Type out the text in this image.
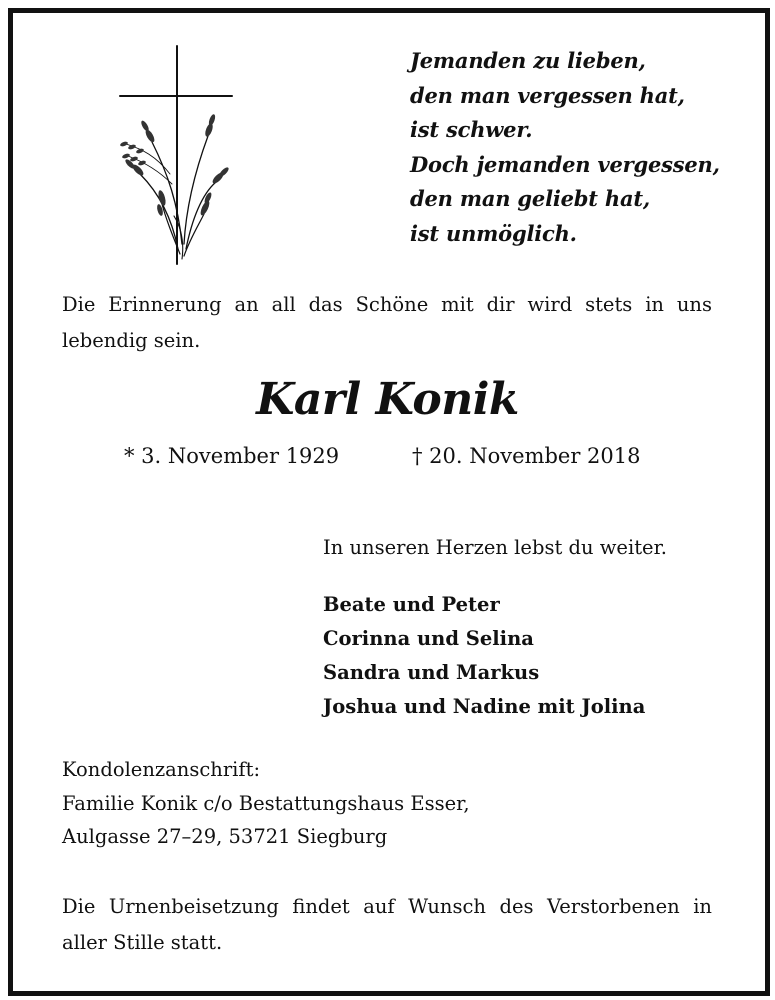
Jemanden zu lieben,
den man vergessen hat,
ist schwer.
Doch jemanden vergessen,
den man geliebt hat,
ist unmöglich.
Die Erinnerung an all das Schöne mit dir wird stets in uns lebendig sein.
Karl Konik
* 3. November 1929	† 20. November 2018
In unseren Herzen lebst du weiter.
Beate und Peter
Corinna und Selina
Sandra und Markus
Joshua und Nadine mit Jolina
Kondolenzanschrift:
Familie Konik c/o Bestattungshaus Esser,
Aulgasse 27–29, 53721 Siegburg
Die Urnenbeisetzung findet auf Wunsch des Verstorbenen in aller Stille statt.
